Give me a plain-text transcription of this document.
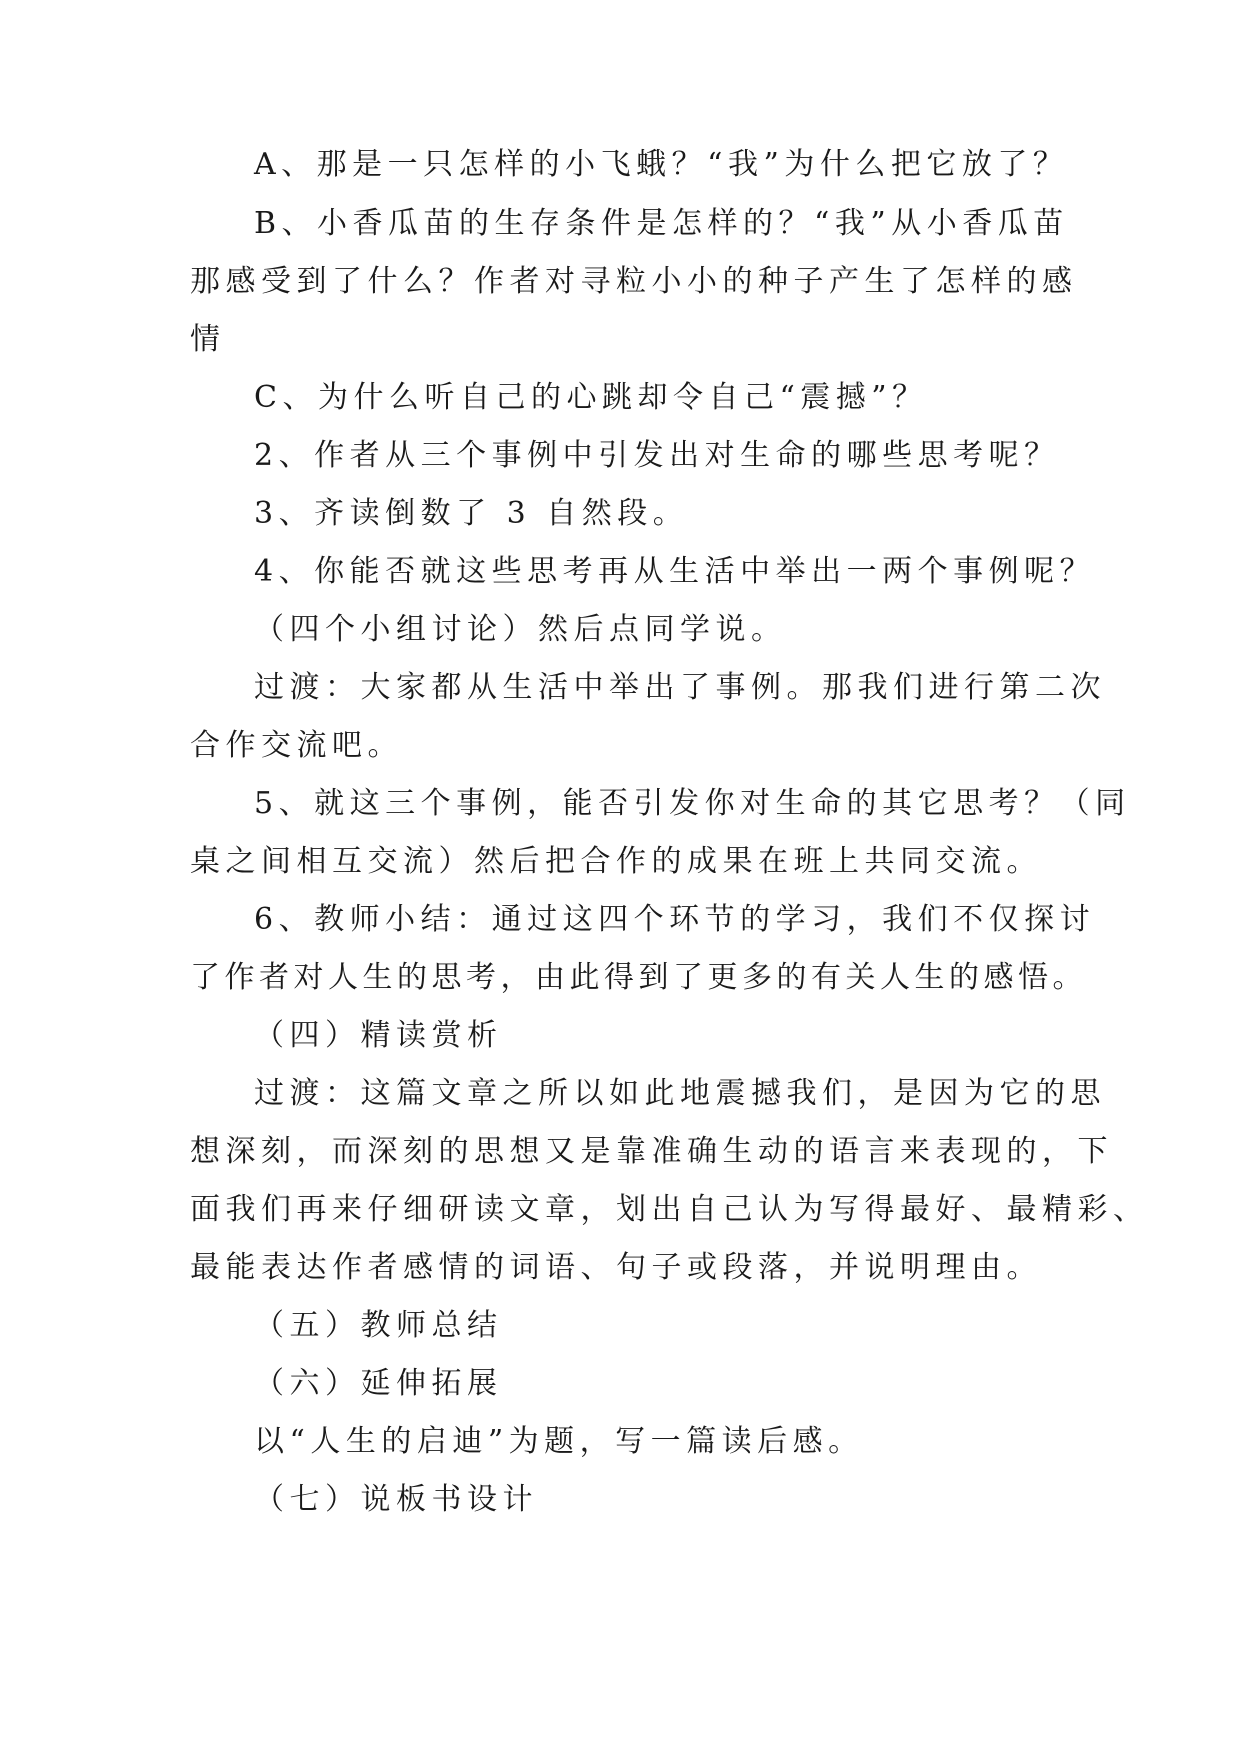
A、那是一只怎样的小飞蛾？“我”为什么把它放了？
B、小香瓜苗的生存条件是怎样的？“我”从小香瓜苗
那感受到了什么？作者对寻粒小小的种子产生了怎样的感
情
C、为什么听自己的心跳却令自己“震撼”？
2、作者从三个事例中引发出对生命的哪些思考呢？
3、齐读倒数了 3 自然段。
4、你能否就这些思考再从生活中举出一两个事例呢？
（四个小组讨论）然后点同学说。
过渡：大家都从生活中举出了事例。那我们进行第二次
合作交流吧。
5、就这三个事例，能否引发你对生命的其它思考？（同
桌之间相互交流）然后把合作的成果在班上共同交流。
6、教师小结：通过这四个环节的学习，我们不仅探讨
了作者对人生的思考，由此得到了更多的有关人生的感悟。
（四）精读赏析
过渡：这篇文章之所以如此地震撼我们，是因为它的思
想深刻，而深刻的思想又是靠准确生动的语言来表现的，下
面我们再来仔细研读文章，划出自己认为写得最好、最精彩、
最能表达作者感情的词语、句子或段落，并说明理由。
（五）教师总结
（六）延伸拓展
以“人生的启迪”为题，写一篇读后感。
（七）说板书设计
